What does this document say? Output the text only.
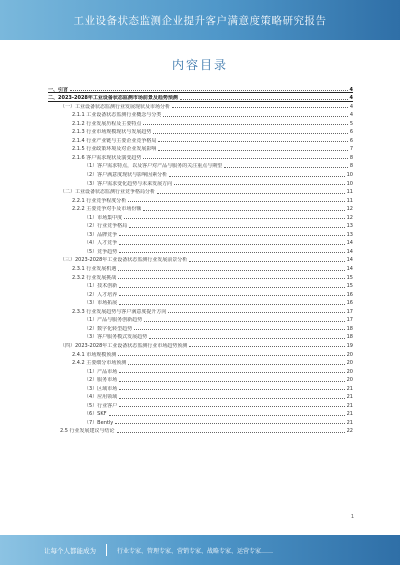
工业设备状态监测企业提升客户满意度策略研究报告
内容目录
一、引言	4
二、2023-2028年工业设备状态监测市场前景及趋势预测	4
（一）工业设备状态监测行业发展现状及市场分析	4
2.1.1 工业设备状态监测行业概念与分类	4
2.1.2 行业发展历程及主要特点	5
2.1.3 行业市场规模现状与发展趋势	6
2.1.4 行业产业链与主要企业竞争格局	6
2.1.5 行业政策环境及对企业发展影响	7
2.1.6 客户需求现状及演变趋势	8
（1）客户需求特点，以及客户对产品与服务的关注重点与期望	8
（2）客户满意度现状与影响因素分析	10
（3）客户需求变化趋势与未来发展方向	10
（二）工业设备状态监测行业竞争格局分析	11
2.2.1 行业竞争程度分析	11
2.2.2 主要竞争对手及市场份额	12
（1）市场集中度	12
（2）行业竞争格局	13
（3）品牌竞争	13
（4）人才竞争	14
（5）竞争趋势	14
（三）2023-2028年工业设备状态监测行业发展前景分析	14
2.3.1 行业发展机遇	14
2.3.2 行业发展挑战	15
（1）技术创新	15
（2）人才培养	16
（3）市场拓展	16
2.3.3 行业发展趋势与客户满意度提升方向	17
（1）产品与服务创新趋势	17
（2）数字化转型趋势	18
（3）客户服务模式发展趋势	18
（四）2023-2028年工业设备状态监测行业市场趋势预测	19
2.4.1 市场规模预测	20
2.4.2 主要细分市场预测	20
（1）产品市场	20
（2）服务市场	20
（3）区域市场	21
（4）应用领域	21
（5）行业客户	21
（6）SKF	21
（7）Bently	21
2.5 行业发展建议与结论	22
1
让每个人都能成为	行业专家、管理专家、营销专家、战略专家、运营专家……
